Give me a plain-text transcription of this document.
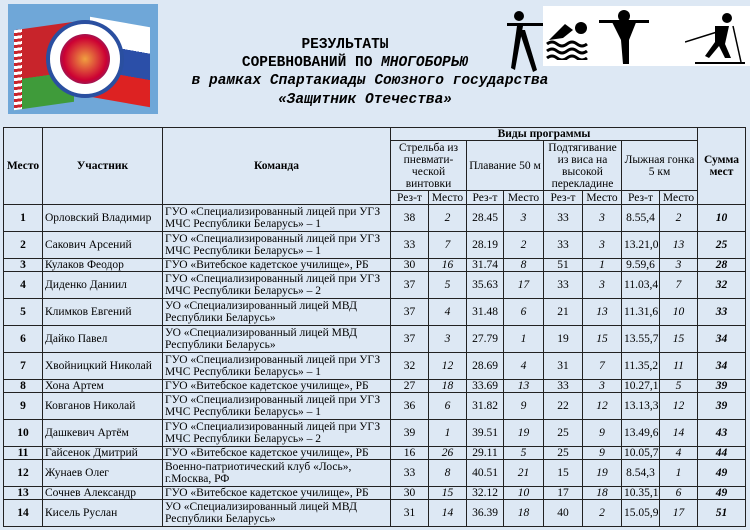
РЕЗУЛЬТАТЫ
СОРЕВНОВАНИЙ ПО МНОГОБОРЬЮ
в рамках Спартакиады Союзного государства
«Защитник Отечества»
Место	Участник	Команда	Виды программы								Сумма мест
			Стрельба из пневмати-ческой винтовки		Плавание 50 м		Подтягивание из виса на высокой перекладине		Лыжная гонка 5 км		
			Рез-т	Место	Рез-т	Место	Рез-т	Место	Рез-т	Место	
1	Орловский Владимир	ГУО «Специализированный лицей при УГЗ МЧС Республики Беларусь» – 1	38	2	28.45	3	33	3	8.55,4	2	10
2	Сакович Арсений	ГУО «Специализированный лицей при УГЗ МЧС Республики Беларусь» – 1	33	7	28.19	2	33	3	13.21,0	13	25
3	Кулаков Феодор	ГУО «Витебское кадетское училище», РБ	30	16	31.74	8	51	1	9.59,6	3	28
4	Диденко Даниил	ГУО «Специализированный лицей при УГЗ МЧС Республики Беларусь» – 2	37	5	35.63	17	33	3	11.03,4	7	32
5	Климков Евгений	УО «Специализированный лицей МВД Республики Беларусь»	37	4	31.48	6	21	13	11.31,6	10	33
6	Дайко Павел	УО «Специализированный лицей МВД Республики Беларусь»	37	3	27.79	1	19	15	13.55,7	15	34
7	Хвойницкий Николай	ГУО «Специализированный лицей при УГЗ МЧС Республики Беларусь» – 1	32	12	28.69	4	31	7	11.35,2	11	34
8	Хона Артем	ГУО «Витебское кадетское училище», РБ	27	18	33.69	13	33	3	10.27,1	5	39
9	Ковганов Николай	ГУО «Специализированный лицей при УГЗ МЧС Республики Беларусь» – 1	36	6	31.82	9	22	12	13.13,3	12	39
10	Дашкевич Артём	ГУО «Специализированный лицей при УГЗ МЧС Республики Беларусь» – 2	39	1	39.51	19	25	9	13.49,6	14	43
11	Гайсенок Дмитрий	ГУО «Витебское кадетское училище», РБ	16	26	29.11	5	25	9	10.05,7	4	44
12	Жунаев Олег	Военно-патриотический клуб «Лось», г.Москва, РФ	33	8	40.51	21	15	19	8.54,3	1	49
13	Сочнев Александр	ГУО «Витебское кадетское училище», РБ	30	15	32.12	10	17	18	10.35,1	6	49
14	Кисель Руслан	УО «Специализированный лицей МВД Республики Беларусь»	31	14	36.39	18	40	2	15.05,9	17	51
